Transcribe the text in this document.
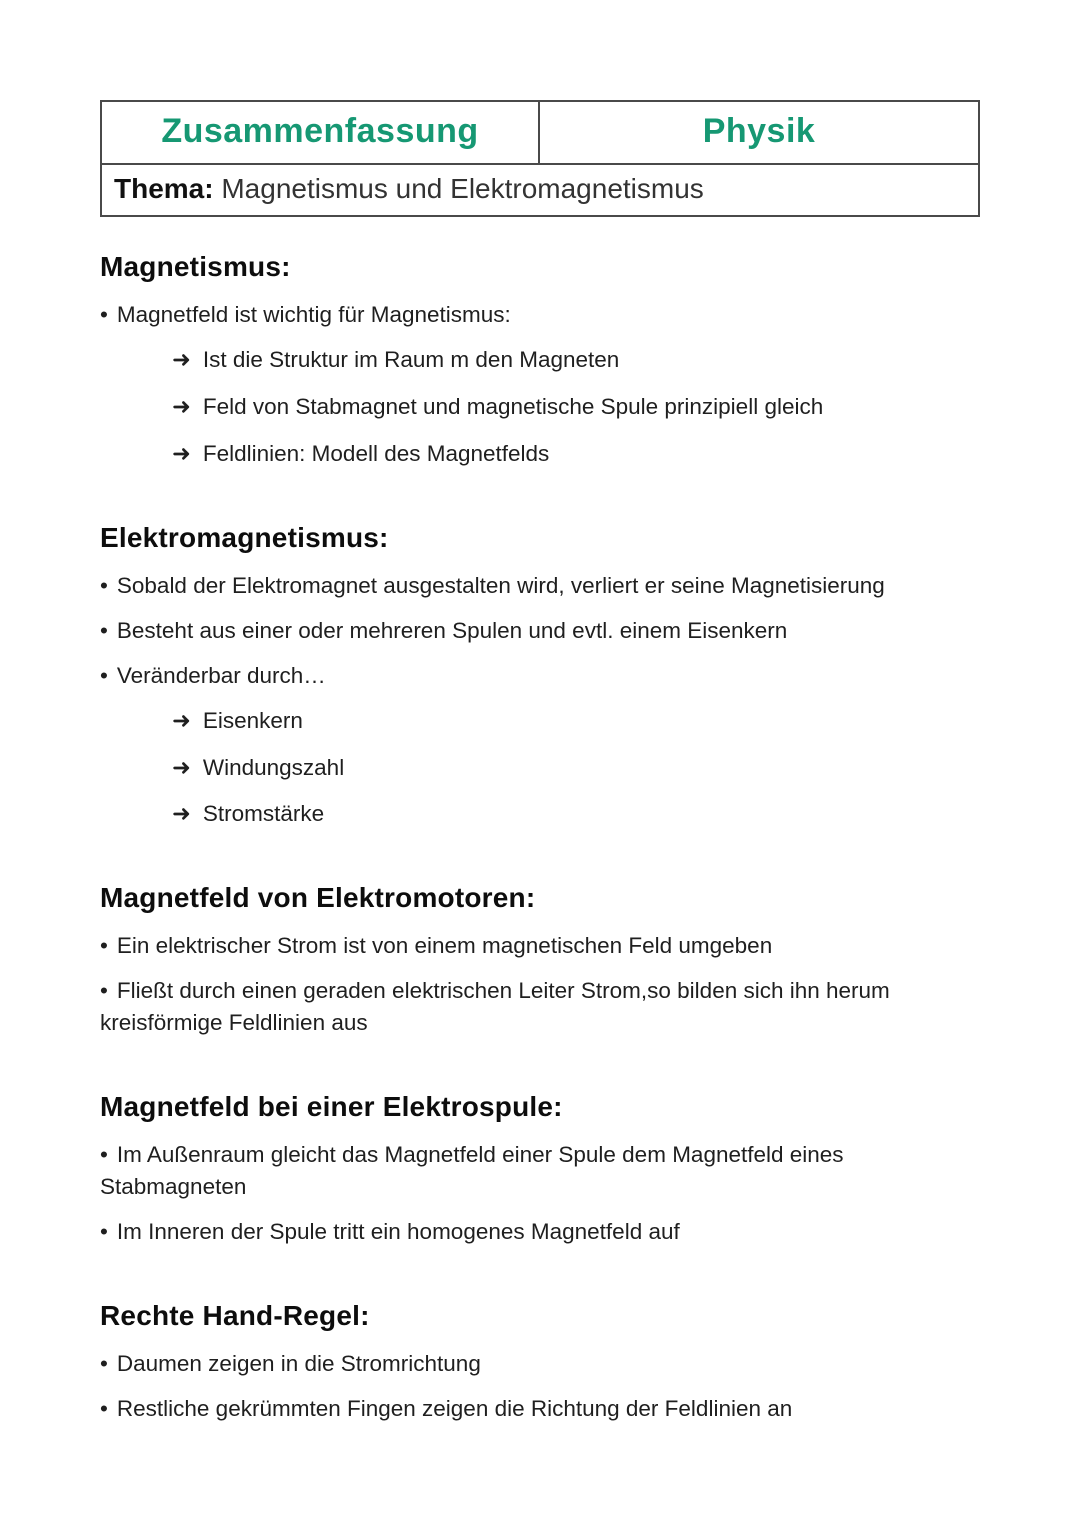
Zusammenfassung	Physik
Thema: Magnetismus und Elektromagnetismus
Magnetismus:
• Magnetfeld ist wichtig für Magnetismus:
➜ Ist die Struktur im Raum m den Magneten
➜ Feld von Stabmagnet und magnetische Spule prinzipiell gleich
➜ Feldlinien: Modell des Magnetfelds
Elektromagnetismus:
• Sobald der Elektromagnet ausgestalten wird, verliert er seine Magnetisierung
• Besteht aus einer oder mehreren Spulen und evtl. einem Eisenkern
• Veränderbar durch…
➜ Eisenkern
➜ Windungszahl
➜ Stromstärke
Magnetfeld von Elektromotoren:
• Ein elektrischer Strom ist von einem magnetischen Feld umgeben
• Fließt durch einen geraden elektrischen Leiter Strom,so bilden sich ihn herum kreisförmige Feldlinien aus
Magnetfeld bei einer Elektrospule:
• Im Außenraum gleicht das Magnetfeld einer Spule dem Magnetfeld eines Stabmagneten
• Im Inneren der Spule tritt ein homogenes Magnetfeld auf
Rechte Hand-Regel:
• Daumen zeigen in die Stromrichtung
• Restliche gekrümmten Fingen zeigen die Richtung der Feldlinien an
